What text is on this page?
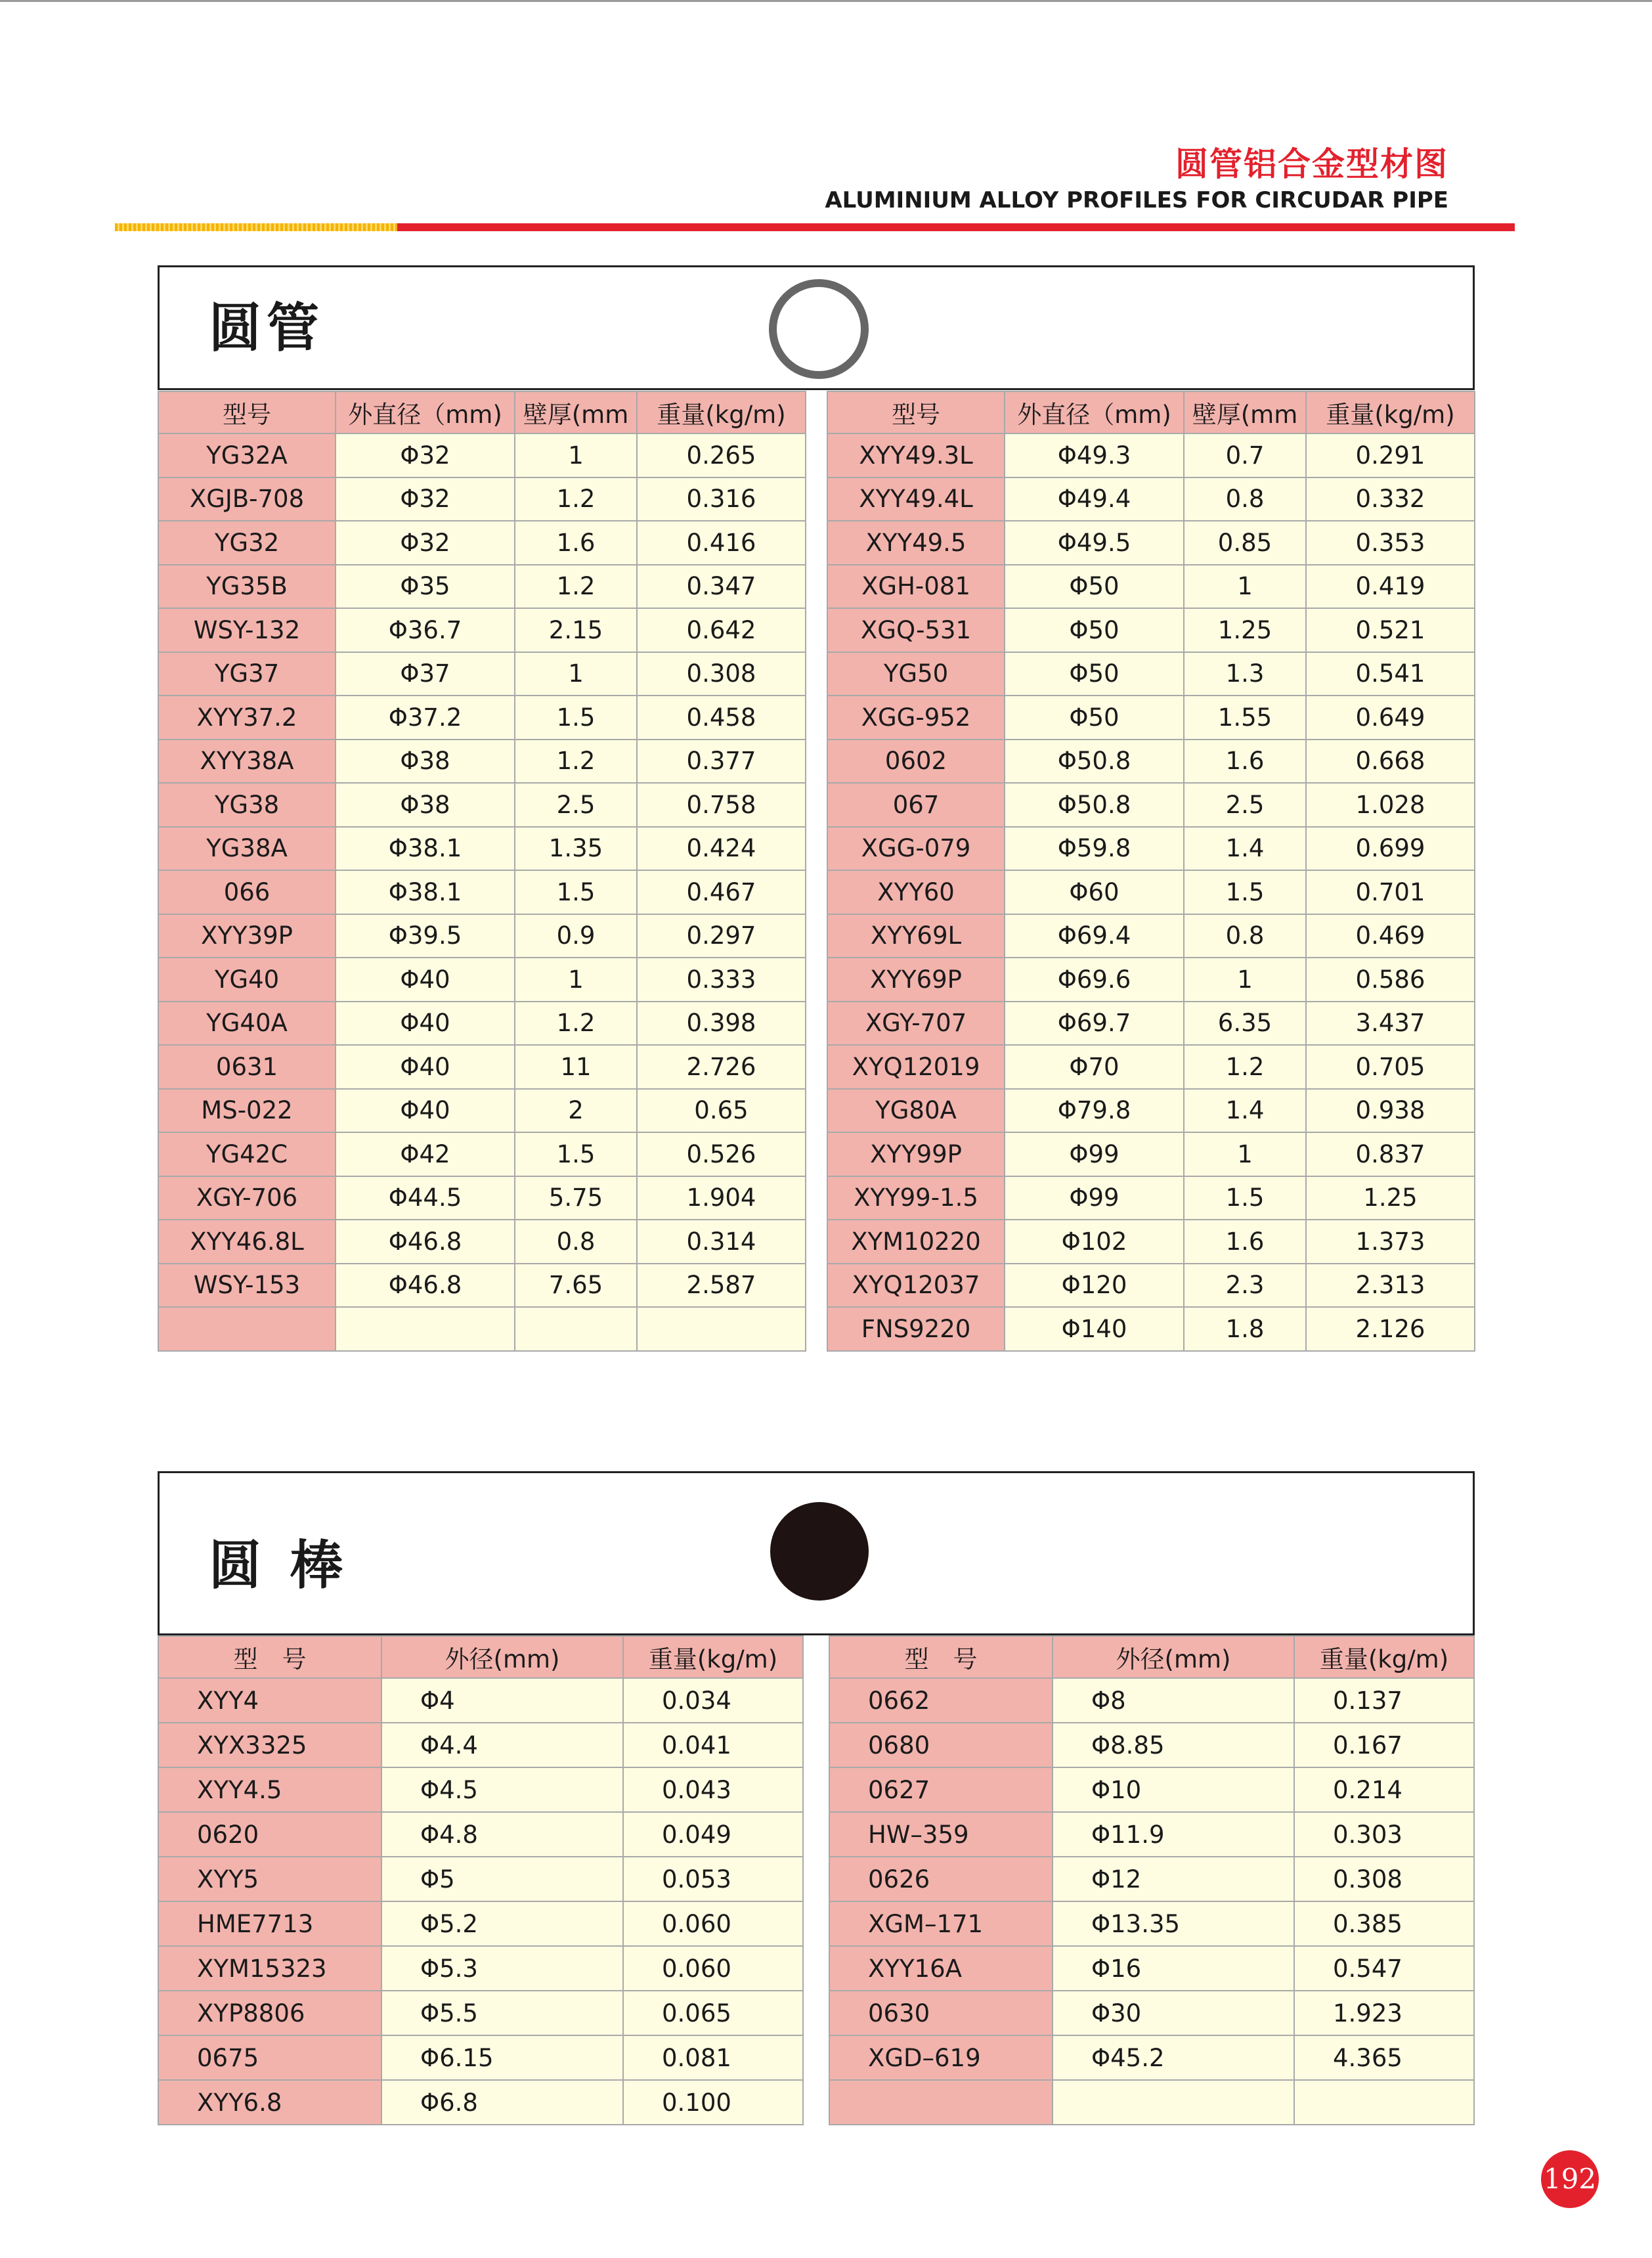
圆管铝合金型材图
ALUMINIUM ALLOY PROFILES FOR CIRCUDAR PIPE
圆管
型号	外直径（mm)	壁厚(mm	重量(kg/m)
YG32A	Φ32	1	0.265
XGJB-708	Φ32	1.2	0.316
YG32	Φ32	1.6	0.416
YG35B	Φ35	1.2	0.347
WSY-132	Φ36.7	2.15	0.642
YG37	Φ37	1	0.308
XYY37.2	Φ37.2	1.5	0.458
XYY38A	Φ38	1.2	0.377
YG38	Φ38	2.5	0.758
YG38A	Φ38.1	1.35	0.424
066	Φ38.1	1.5	0.467
XYY39P	Φ39.5	0.9	0.297
YG40	Φ40	1	0.333
YG40A	Φ40	1.2	0.398
0631	Φ40	11	2.726
MS-022	Φ40	2	0.65
YG42C	Φ42	1.5	0.526
XGY-706	Φ44.5	5.75	1.904
XYY46.8L	Φ46.8	0.8	0.314
WSY-153	Φ46.8	7.65	2.587

型号	外直径（mm)	壁厚(mm	重量(kg/m)
XYY49.3L	Φ49.3	0.7	0.291
XYY49.4L	Φ49.4	0.8	0.332
XYY49.5	Φ49.5	0.85	0.353
XGH-081	Φ50	1	0.419
XGQ-531	Φ50	1.25	0.521
YG50	Φ50	1.3	0.541
XGG-952	Φ50	1.55	0.649
0602	Φ50.8	1.6	0.668
067	Φ50.8	2.5	1.028
XGG-079	Φ59.8	1.4	0.699
XYY60	Φ60	1.5	0.701
XYY69L	Φ69.4	0.8	0.469
XYY69P	Φ69.6	1	0.586
XGY-707	Φ69.7	6.35	3.437
XYQ12019	Φ70	1.2	0.705
YG80A	Φ79.8	1.4	0.938
XYY99P	Φ99	1	0.837
XYY99-1.5	Φ99	1.5	1.25
XYM10220	Φ102	1.6	1.373
XYQ12037	Φ120	2.3	2.313
FNS9220	Φ140	1.8	2.126
圆 棒
型　号	外径(mm)	重量(kg/m)
XYY4	Φ4	0.034
XYX3325	Φ4.4	0.041
XYY4.5	Φ4.5	0.043
0620	Φ4.8	0.049
XYY5	Φ5	0.053
HME7713	Φ5.2	0.060
XYM15323	Φ5.3	0.060
XYP8806	Φ5.5	0.065
0675	Φ6.15	0.081
XYY6.8	Φ6.8	0.100
型　号	外径(mm)	重量(kg/m)
0662	Φ8	0.137
0680	Φ8.85	0.167
0627	Φ10	0.214
HW–359	Φ11.9	0.303
0626	Φ12	0.308
XGM–171	Φ13.35	0.385
XYY16A	Φ16	0.547
0630	Φ30	1.923
XGD–619	Φ45.2	4.365

192
